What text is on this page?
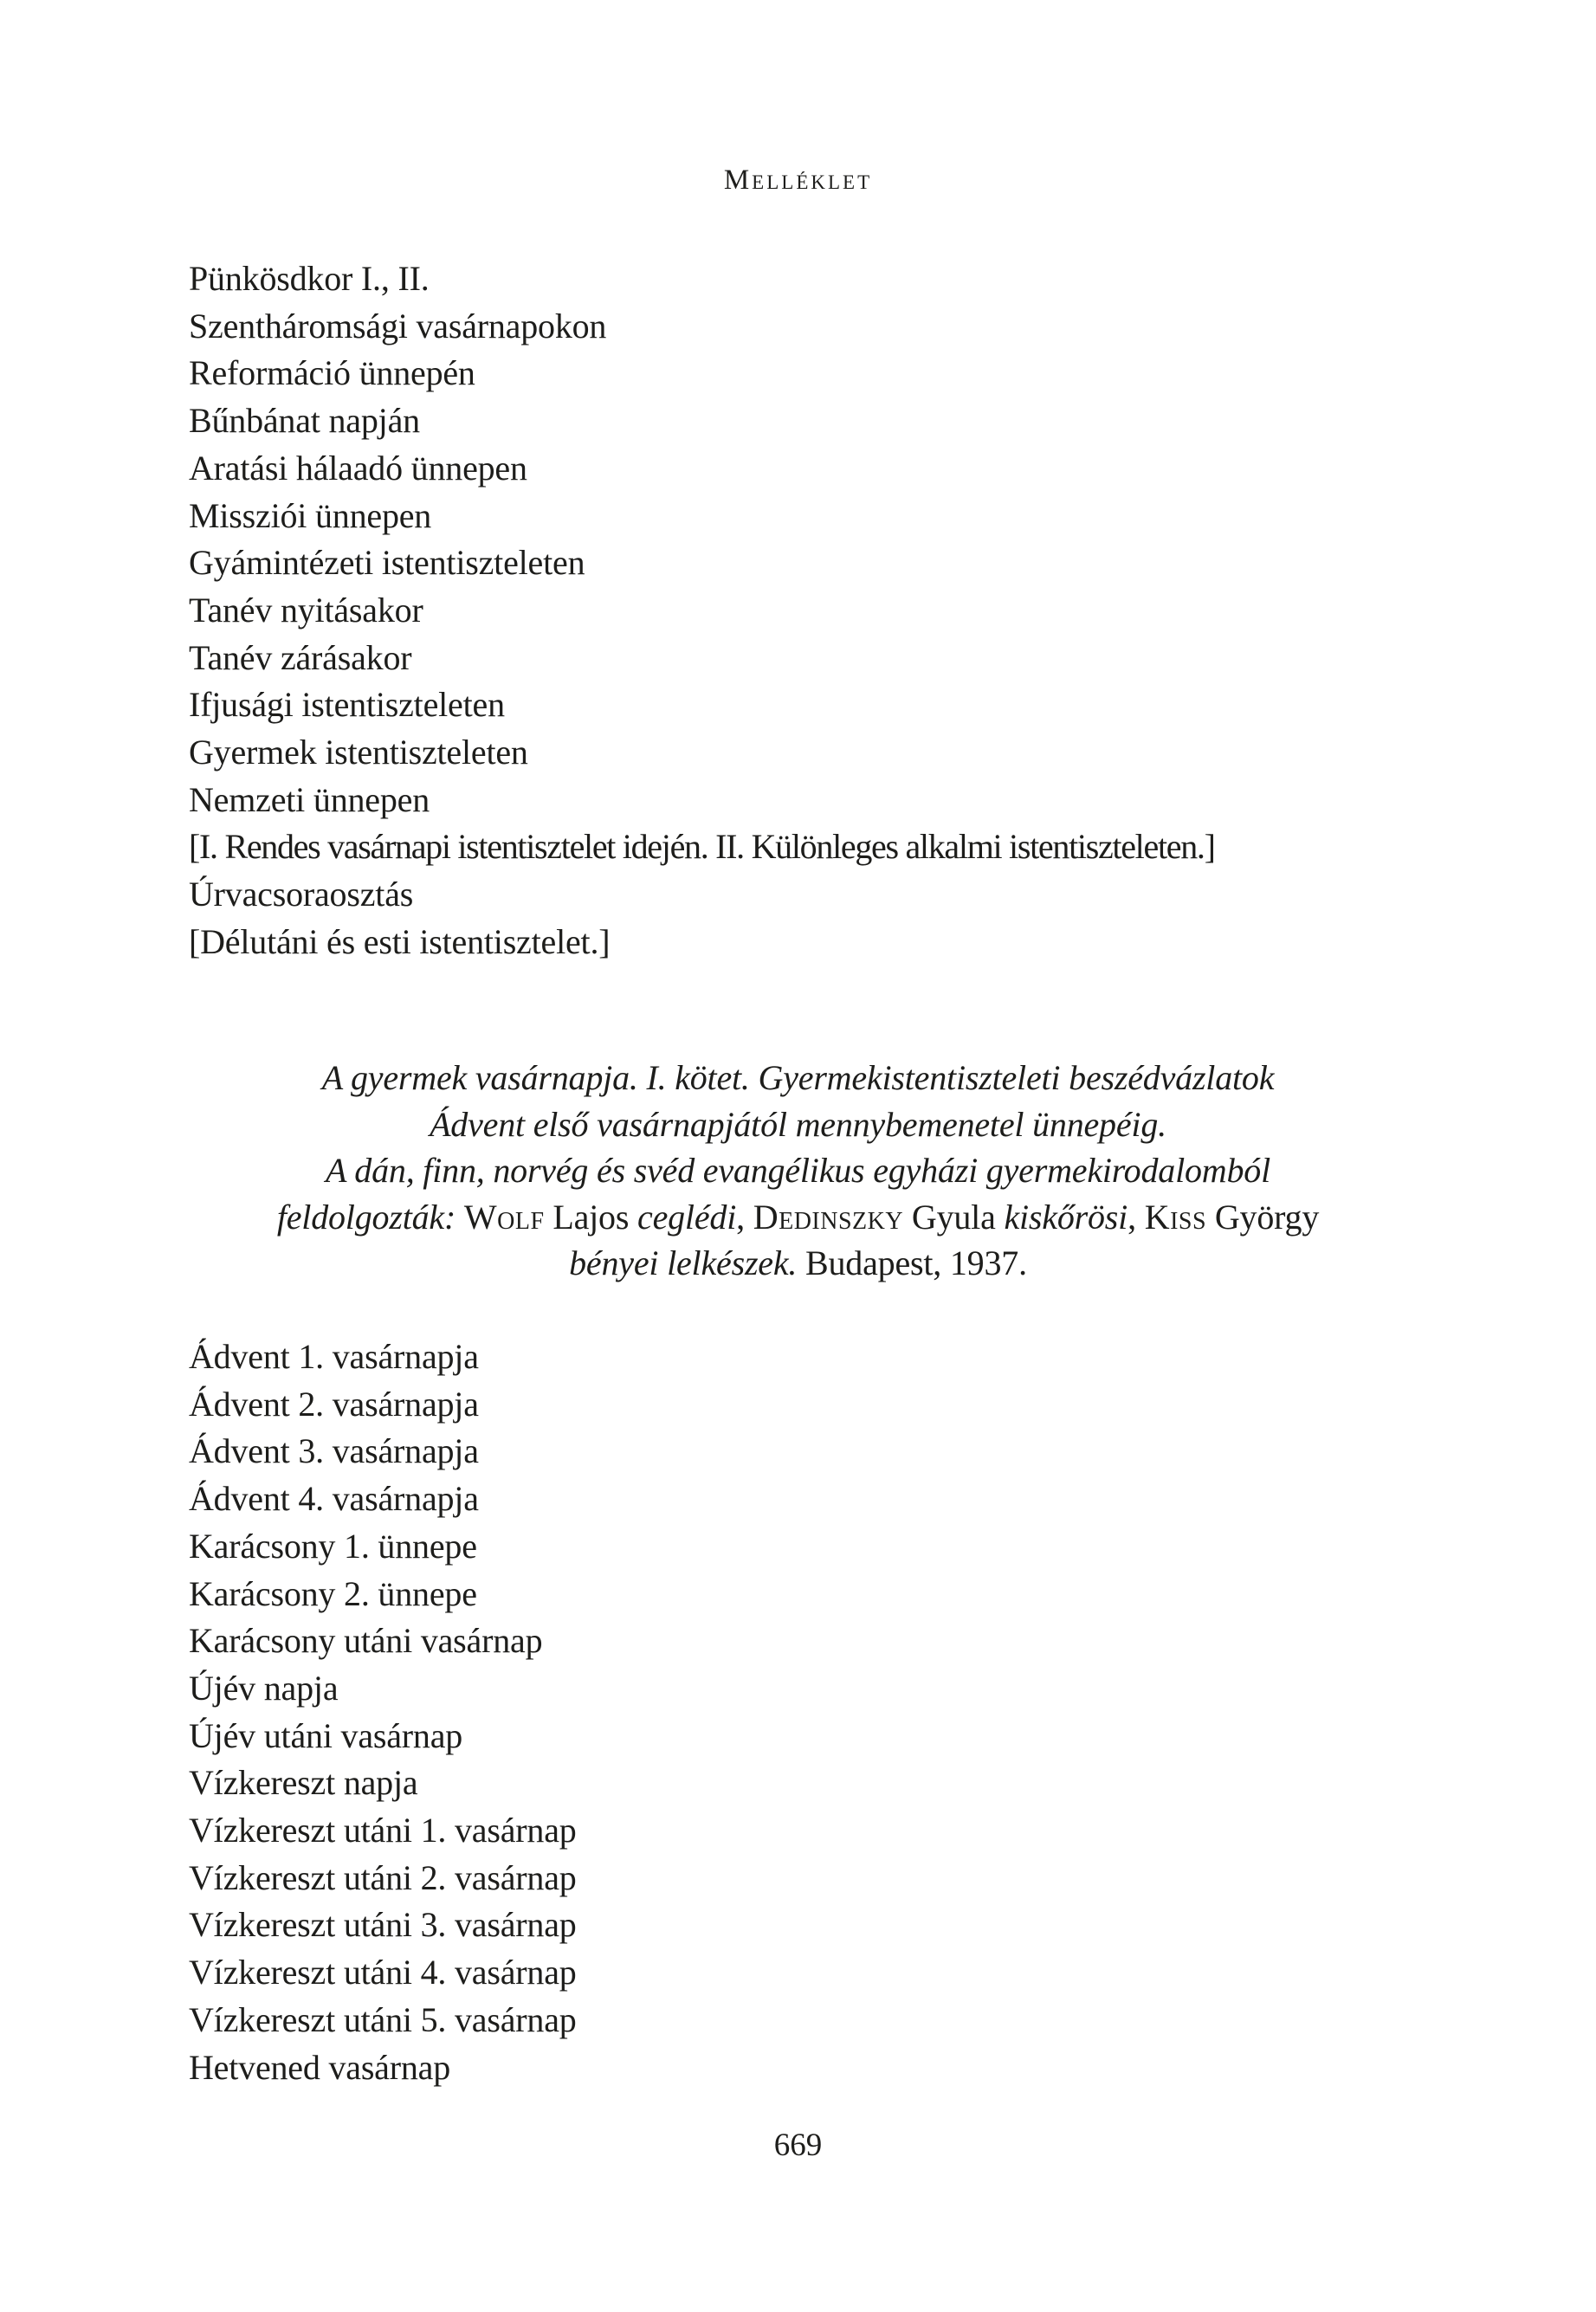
Melléklet
Pünkösdkor I., II.
Szentháromsági vasárnapokon
Reformáció ünnepén
Bűnbánat napján
Aratási hálaadó ünnepen
Missziói ünnepen
Gyámintézeti istentiszteleten
Tanév nyitásakor
Tanév zárásakor
Ifjusági istentiszteleten
Gyermek istentiszteleten
Nemzeti ünnepen
[I. Rendes vasárnapi istentisztelet idején. II. Különleges alkalmi istentiszteleten.]
Úrvacsoraosztás
[Délutáni és esti istentisztelet.]
A gyermek vasárnapja. I. kötet. Gyermekistentiszteleti beszédvázlatok
Ádvent első vasárnapjától mennybemenetel ünnepéig.
A dán, finn, norvég és svéd evangélikus egyházi gyermekirodalomból
feldolgozták: Wolf Lajos ceglédi, Dedinszky Gyula kiskőrösi, Kiss György
bényei lelkészek. Budapest, 1937.
Ádvent 1. vasárnapja
Ádvent 2. vasárnapja
Ádvent 3. vasárnapja
Ádvent 4. vasárnapja
Karácsony 1. ünnepe
Karácsony 2. ünnepe
Karácsony utáni vasárnap
Újév napja
Újév utáni vasárnap
Vízkereszt napja
Vízkereszt utáni 1. vasárnap
Vízkereszt utáni 2. vasárnap
Vízkereszt utáni 3. vasárnap
Vízkereszt utáni 4. vasárnap
Vízkereszt utáni 5. vasárnap
Hetvened vasárnap
669
